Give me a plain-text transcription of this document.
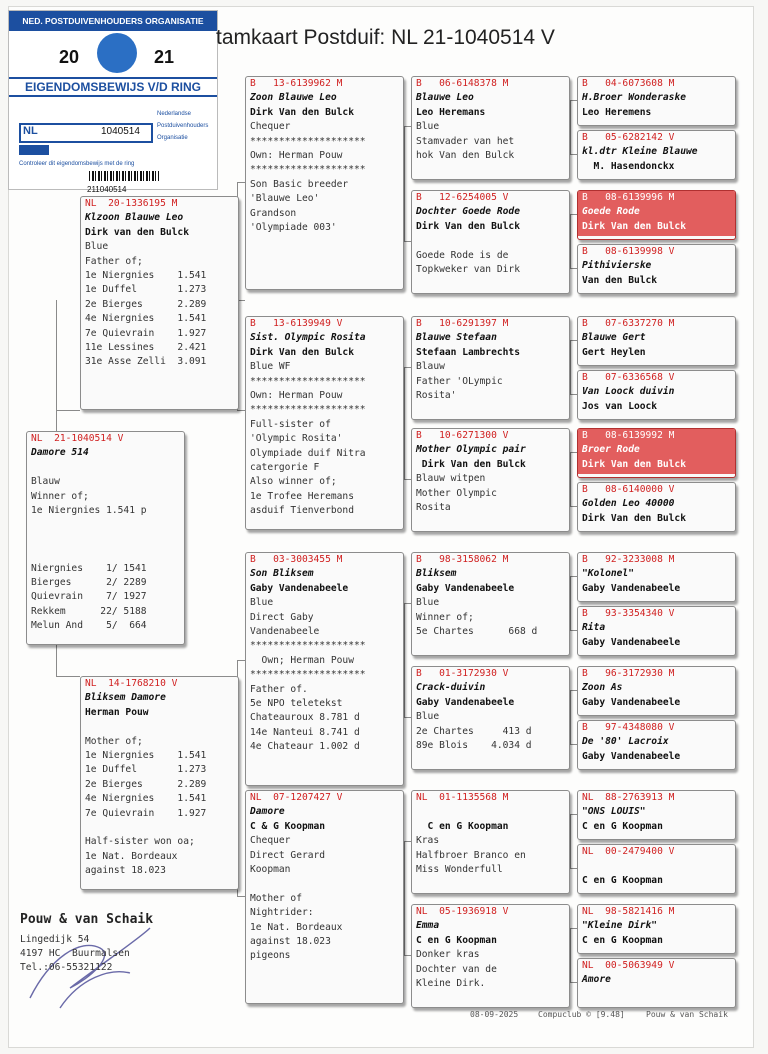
NED. POSTDUIVENHOUDERS ORGANISATIE
20	21
EIGENDOMSBEWIJS V/D RING
NL	1040514
Nederlandse
Postduivenhouders
Organisatie
Controleer dit eigendomsbewijs met de ring
211040514
tamkaart Postduif: NL 21-1040514 V
NL  21-1040514 V
Damore 514
Blauw
Winner of;
1e Niergnies 1.541 p
Niergnies    1/ 1541
Bierges      2/ 2289
Quievrain    7/ 1927
Rekkem      22/ 5188
Melun And    5/  664
NL  20-1336195 M
Klzoon Blauwe Leo
Dirk van den Bulck
Blue
Father of;
1e Niergnies    1.541
1e Duffel       1.273
2e Bierges      2.289
4e Niergnies    1.541
7e Quievrain    1.927
11e Lessines    2.421
31e Asse Zelli  3.091
NL  14-1768210 V
Bliksem Damore
Herman Pouw
Mother of;
1e Niergnies    1.541
1e Duffel       1.273
2e Bierges      2.289
4e Niergnies    1.541
7e Quievrain    1.927
Half-sister won oa;
1e Nat. Bordeaux
against 18.023
B   13-6139962 M
Zoon Blauwe Leo
Dirk Van den Bulck
Chequer
********************
Own: Herman Pouw
********************
Son Basic breeder
'Blauwe Leo'
Grandson
'Olympiade 003'
B   13-6139949 V
Sist. Olympic Rosita
Dirk Van den Bulck
Blue WF
********************
Own: Herman Pouw
********************
Full-sister of
'Olympic Rosita'
Olympiade duif Nitra
catergorie F
Also winner of;
1e Trofee Heremans
asduif Tienverbond
B   03-3003455 M
Son Bliksem
Gaby Vandenabeele
Blue
Direct Gaby
Vandenabeele
********************
Own; Herman Pouw
********************
Father of.
5e NPO teletekst
Chateauroux 8.781 d
14e Nanteui 8.741 d
4e Chateaur 1.002 d
NL  07-1207427 V
Damore
C & G Koopman
Chequer
Direct Gerard
Koopman
Mother of
Nightrider:
1e Nat. Bordeaux
against 18.023
pigeons
B   06-6148378 M
Blauwe Leo
Leo Heremans
Blue
Stamvader van het
hok Van den Bulck
B   12-6254005 V
Dochter Goede Rode
Dirk Van den Bulck
Goede Rode is de
Topkweker van Dirk
B   10-6291397 M
Blauwe Stefaan
Stefaan Lambrechts
Blauw
Father 'OLympic
Rosita'
B   10-6271300 V
Mother Olympic pair
Dirk Van den Bulck
Blauw witpen
Mother Olympic
Rosita
B   98-3158062 M
Bliksem
Gaby Vandenabeele
Blue
Winner of;
5e Chartes      668 d
B   01-3172930 V
Crack-duivin
Gaby Vandenabeele
Blue
2e Chartes     413 d
89e Blois    4.034 d
NL  01-1135568 M
C en G Koopman
Kras
Halfbroer Branco en
Miss Wonderfull
NL  05-1936918 V
Emma
C en G Koopman
Donker kras
Dochter van de
Kleine Dirk.
B   04-6073608 M
H.Broer Wonderaske
Leo Heremens
B   05-6282142 V
kl.dtr Kleine Blauwe
M. Hasendonckx
B   08-6139996 M
Goede Rode
Dirk Van den Bulck
B   08-6139998 V
Pithivierske
Van den Bulck
B   07-6337270 M
Blauwe Gert
Gert Heylen
B   07-6336568 V
Van Loock duivin
Jos van Loock
B   08-6139992 M
Broer Rode
Dirk Van den Bulck
B   08-6140000 V
Golden Leo 40000
Dirk Van den Bulck
B   92-3233008 M
"Kolonel"
Gaby Vandenabeele
B   93-3354340 V
Rita
Gaby Vandenabeele
B   96-3172930 M
Zoon As
Gaby Vandenabeele
B   97-4348080 V
De '80' Lacroix
Gaby Vandenabeele
NL  88-2763913 M
"ONS LOUIS"
C en G Koopman
NL  00-2479400 V
C en G Koopman
NL  98-5821416 M
"Kleine Dirk"
C en G Koopman
NL  00-5063949 V
Amore
Pouw & van Schaik
Lingedijk 54
4197 HC  Buurmalsen
Tel.:06-55321122
08-09-2025 Compuclub © [9.48]	Pouw & van Schaik
